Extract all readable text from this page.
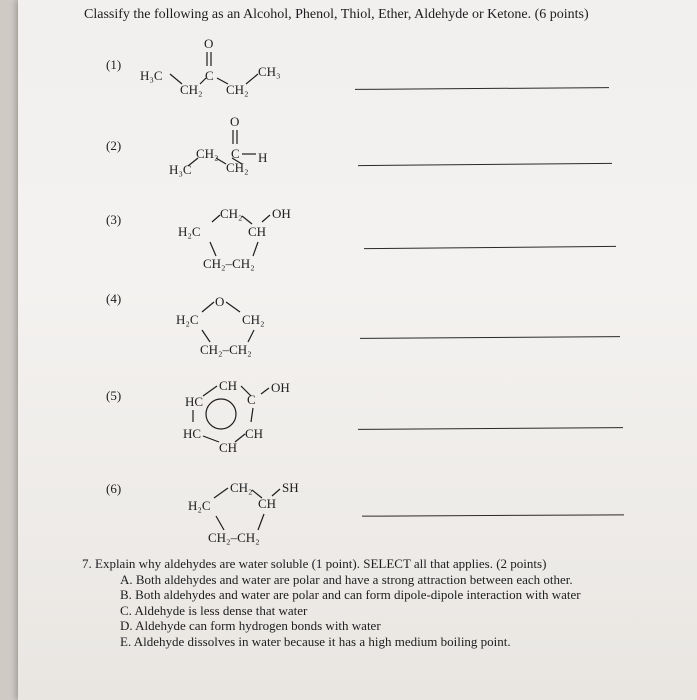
Classify the following as an Alcohol, Phenol, Thiol, Ether, Aldehyde or Ketone. (6 points)
(1)
O
C
H₃C
CH₂ CH₂
CH₃
(2)
O
C H
H₃C
CH₂
CH₂
(3)	CH₂ OH
H₂C	CH
CH₂–CH₂
(4)	O
H₂C	CH₂
CH₂–CH₂
(5)
CH	OH
HC	C
HC	CH
CH
(6)	CH₂ SH
H₂C	CH
CH₂–CH₂
7. Explain why aldehydes are water soluble (1 point). SELECT all that applies. (2 points)
A. Both aldehydes and water are polar and have a strong attraction between each other.
B. Both aldehydes and water are polar and can form dipole-dipole interaction with water
C. Aldehyde is less dense that water
D. Aldehyde can form hydrogen bonds with water
E. Aldehyde dissolves in water because it has a high medium boiling point.
